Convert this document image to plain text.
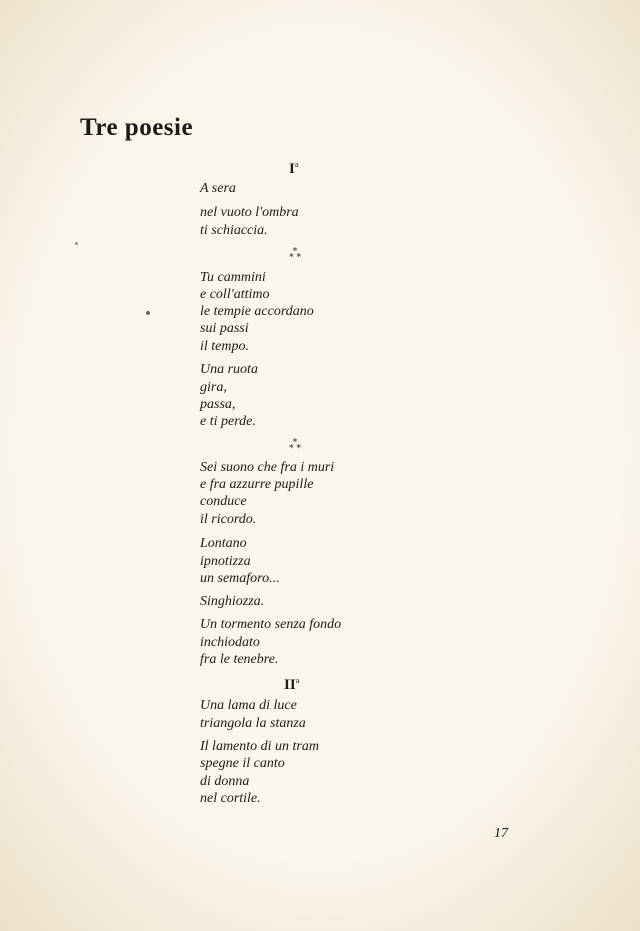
Tre poesie
$I^a$
A sera
nel vuoto l'ombra
ti schiaccia.
*
* *
Tu cammini
e coll'attimo
le tempie accordano
sui passi
il tempo.
Una ruota
gira,
passa,
e ti perde.
*
* *
Sei suono che fra i muri
e fra azzurre pupille
conduce
il ricordo.
Lontano
ipnotizza
un semaforo...
Singhiozza.
Un tormento senza fondo
inchiodato
fra le tenebre.
$II^a$
Una lama di luce
triangola la stanza
Il lamento di un tram
spegne il canto
di donna
nel cortile.
17
